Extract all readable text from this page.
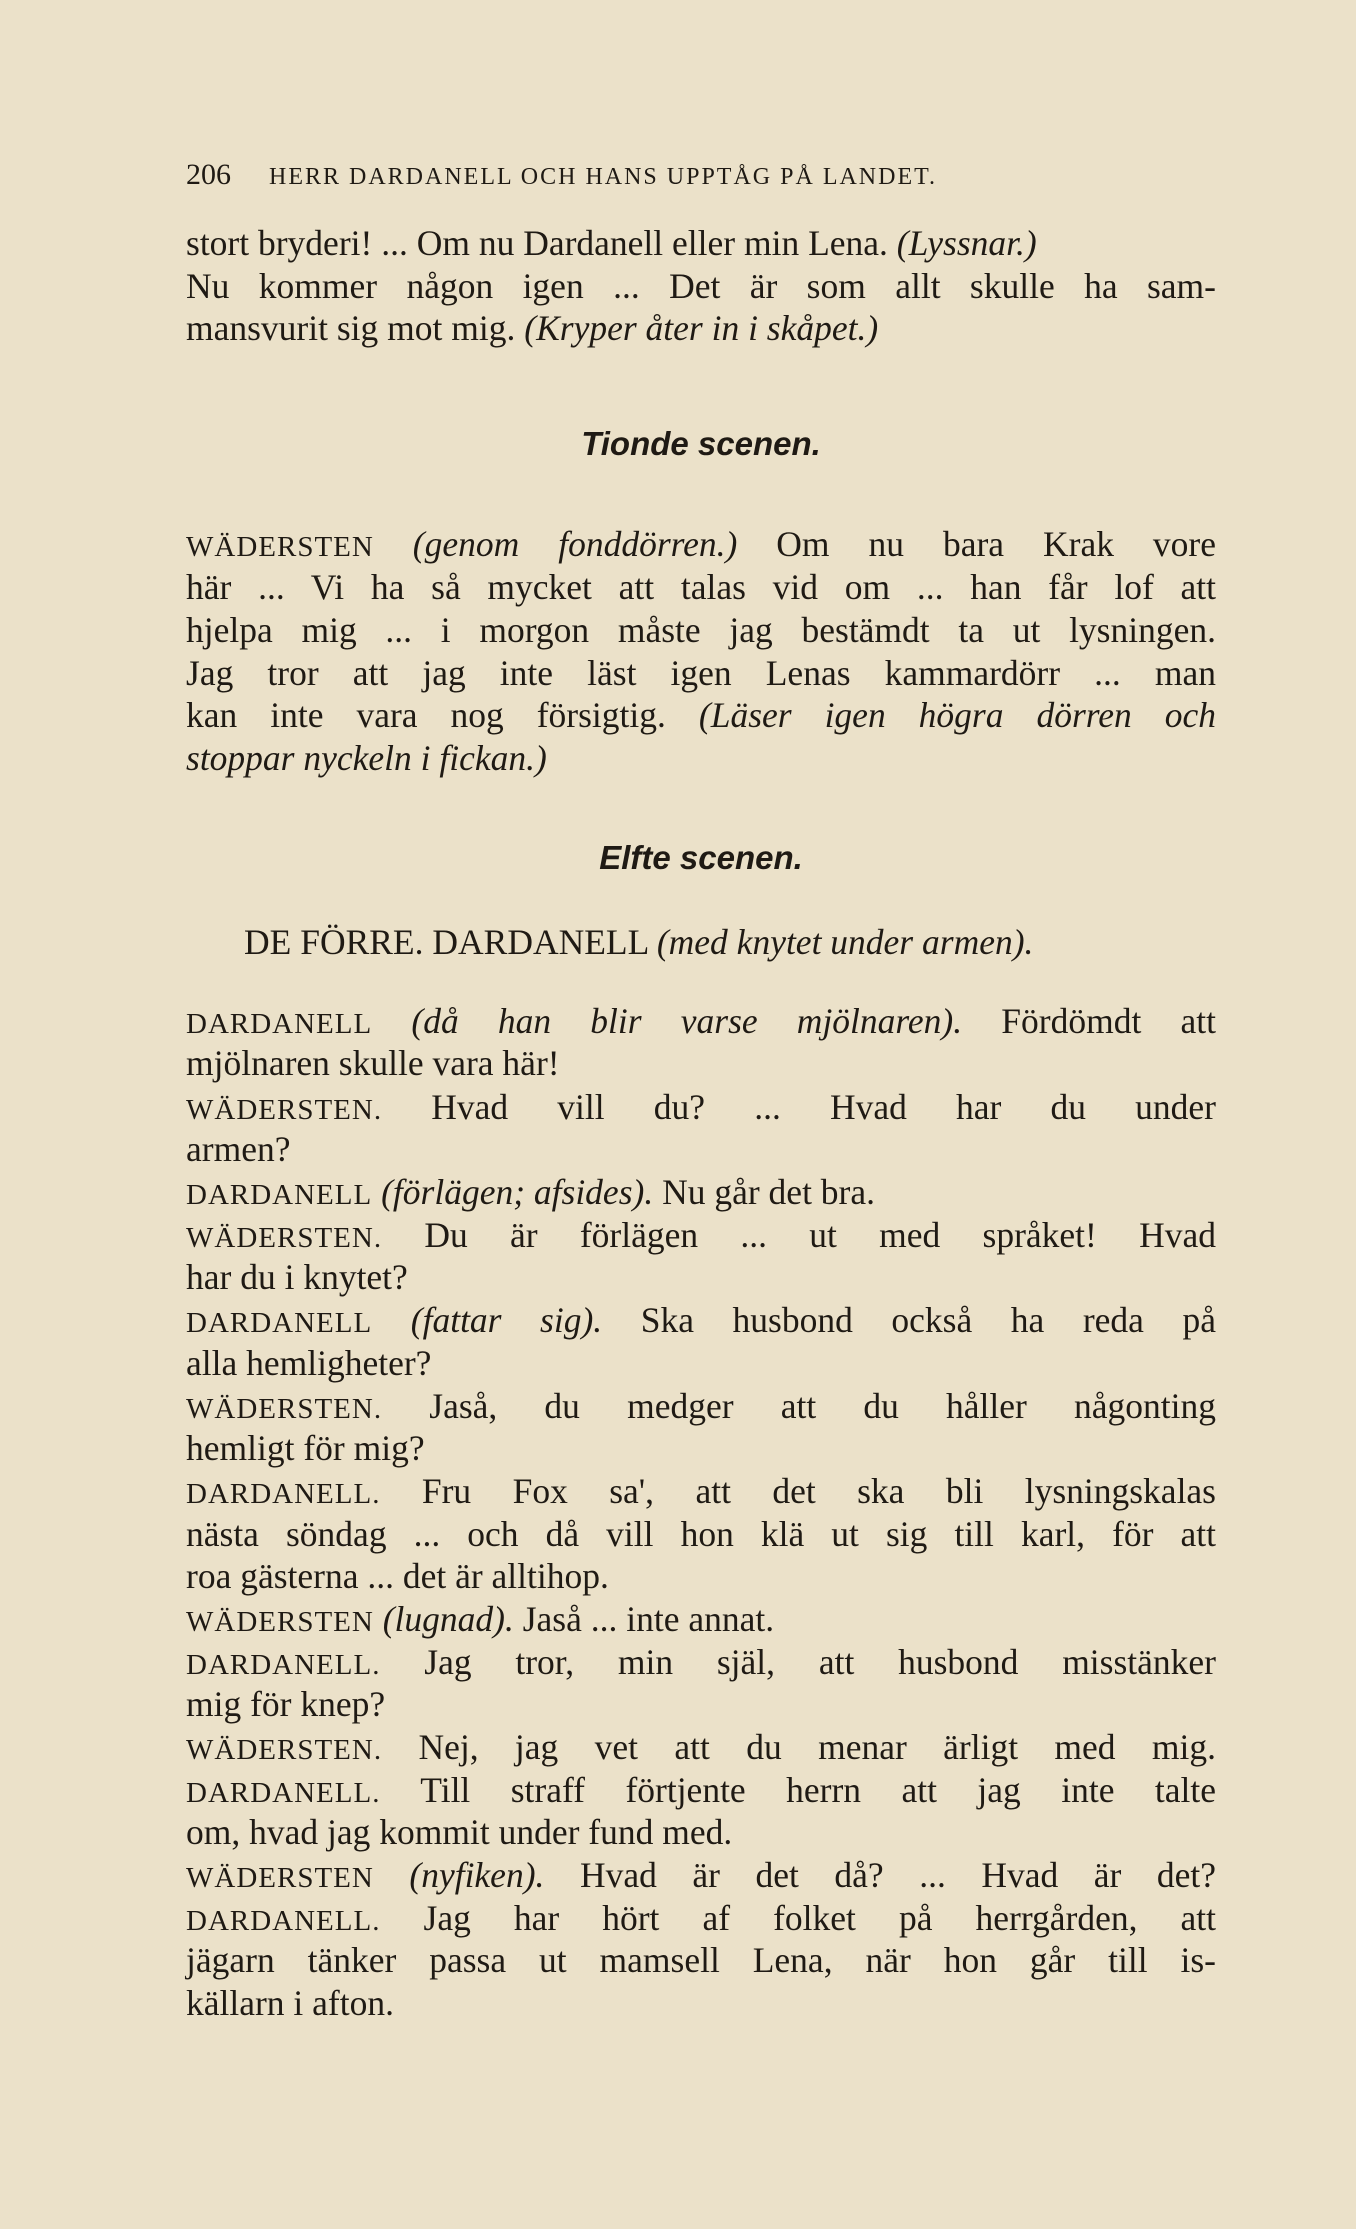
206 HERR DARDANELL OCH HANS UPPTÅG PÅ LANDET.
stort bryderi! ... Om nu Dardanell eller min Lena. (Lyssnar.)
Nu kommer någon igen ... Det är som allt skulle ha sam-
mansvurit sig mot mig. (Kryper åter in i skåpet.)
Tionde scenen.
WÄDERSTEN (genom fonddörren.) Om nu bara Krak vore
här ... Vi ha så mycket att talas vid om ... han får lof att
hjelpa mig ... i morgon måste jag bestämdt ta ut lysningen.
Jag tror att jag inte läst igen Lenas kammardörr ... man
kan inte vara nog försigtig. (Läser igen högra dörren och
stoppar nyckeln i fickan.)
Elfte scenen.
DE FÖRRE. DARDANELL (med knytet under armen).
DARDANELL (då han blir varse mjölnaren). Fördömdt att
mjölnaren skulle vara här!
WÄDERSTEN. Hvad vill du? ... Hvad har du under
armen?
DARDANELL (förlägen; afsides). Nu går det bra.
WÄDERSTEN. Du är förlägen ... ut med språket! Hvad
har du i knytet?
DARDANELL (fattar sig). Ska husbond också ha reda på
alla hemligheter?
WÄDERSTEN. Jaså, du medger att du håller någonting
hemligt för mig?
DARDANELL. Fru Fox sa', att det ska bli lysningskalas
nästa söndag ... och då vill hon klä ut sig till karl, för att
roa gästerna ... det är alltihop.
WÄDERSTEN (lugnad). Jaså ... inte annat.
DARDANELL. Jag tror, min själ, att husbond misstänker
mig för knep?
WÄDERSTEN. Nej, jag vet att du menar ärligt med mig.
DARDANELL. Till straff förtjente herrn att jag inte talte
om, hvad jag kommit under fund med.
WÄDERSTEN (nyfiken). Hvad är det då? ... Hvad är det?
DARDANELL. Jag har hört af folket på herrgården, att
jägarn tänker passa ut mamsell Lena, när hon går till is-
källarn i afton.
